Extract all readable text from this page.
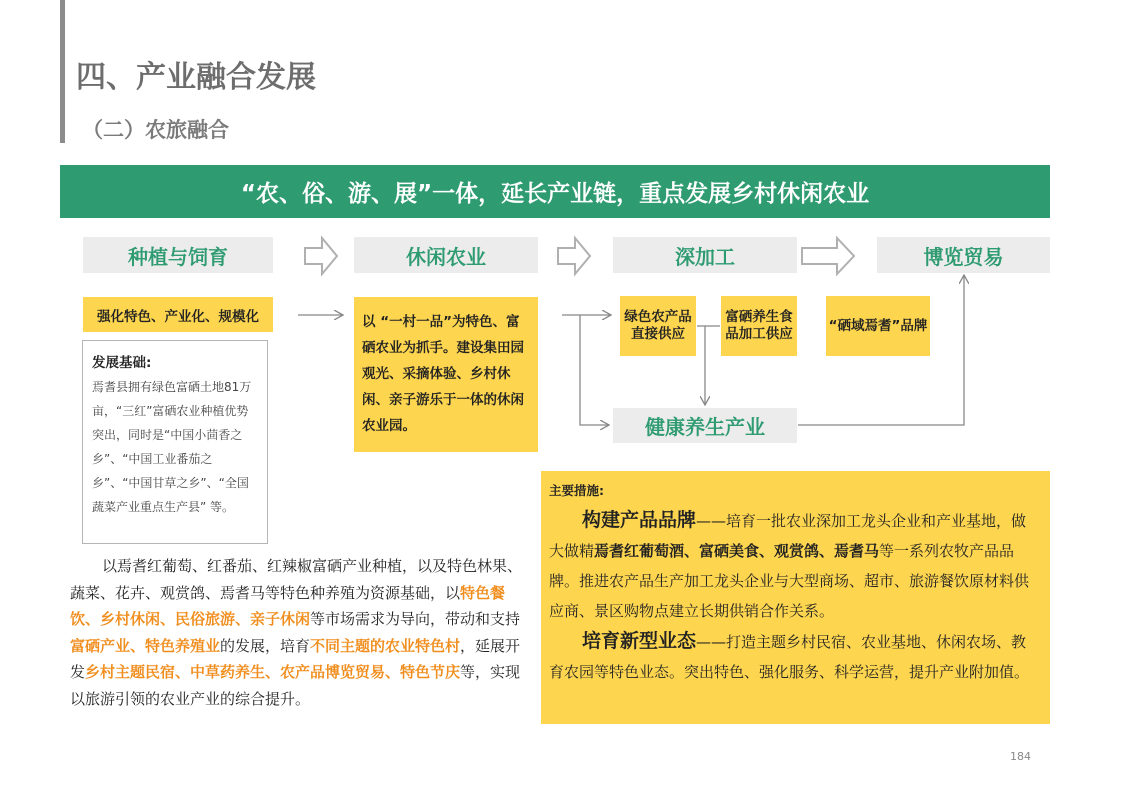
四、产业融合发展
（二）农旅融合
“农、俗、游、展”一体，延长产业链，重点发展乡村休闲农业
种植与饲育	休闲农业	深加工	博览贸易
强化特色、产业化、规模化	以 “一村一品”为特色、富硒农业为抓手。建设集田园观光、采摘体验、乡村休闲、亲子游乐于一体的休闲农业园。
绿色农产品直接供应
富硒养生食品加工供应
“硒域焉耆”品牌
健康养生产业
发展基础:
焉耆县拥有绿色富硒土地81万亩，“三红”富硒农业种植优势突出，同时是“中国小茴香之乡”、“中国工业番茄之乡”、“中国甘草之乡”、“全国蔬菜产业重点生产县” 等。
以焉耆红葡萄、红番茄、红辣椒富硒产业种植，以及特色林果、蔬菜、花卉、观赏鸽、焉耆马等特色种养殖为资源基础，以特色餐饮、乡村休闲、民俗旅游、亲子休闲等市场需求为导向，带动和支持富硒产业、特色养殖业的发展，培育不同主题的农业特色村，延展开发乡村主题民宿、中草药养生、农产品博览贸易、特色节庆等，实现以旅游引领的农业产业的综合提升。
主要措施:
构建产品品牌——培育一批农业深加工龙头企业和产业基地，做大做精焉耆红葡萄酒、富硒美食、观赏鸽、焉耆马等一系列农牧产品品牌。推进农产品生产加工龙头企业与大型商场、超市、旅游餐饮原材料供应商、景区购物点建立长期供销合作关系。
培育新型业态——打造主题乡村民宿、农业基地、休闲农场、教育农园等特色业态。突出特色、强化服务、科学运营，提升产业附加值。
184
